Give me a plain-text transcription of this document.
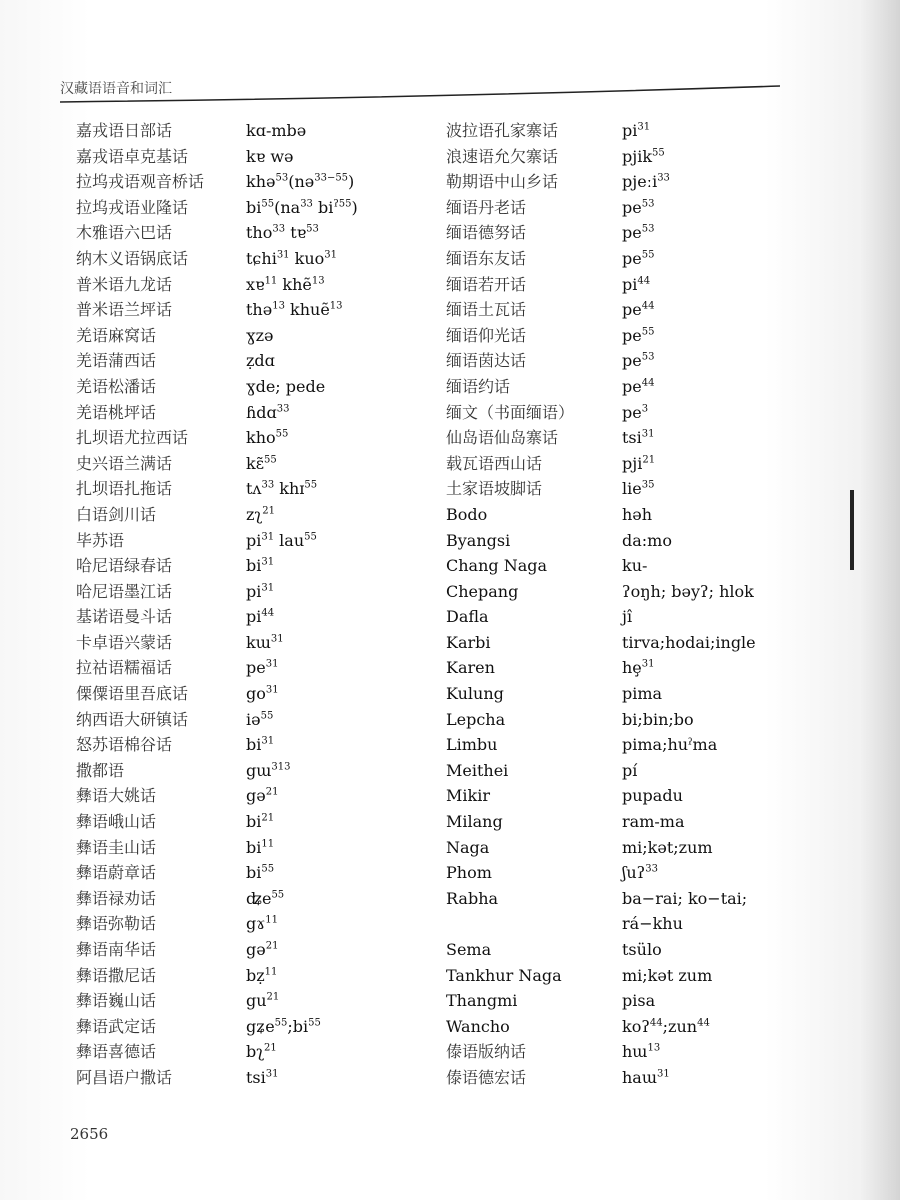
汉藏语语音和词汇
嘉戎语日部话
嘉戎语卓克基话
拉坞戎语观音桥话
拉坞戎语业隆话
木雅语六巴话
纳木义语锅底话
普米语九龙话
普米语兰坪话
羌语麻窝话
羌语蒲西话
羌语松潘话
羌语桃坪话
扎坝语尤拉西话
史兴语兰满话
扎坝语扎拖话
白语剑川话
毕苏语
哈尼语绿春话
哈尼语墨江话
基诺语曼斗话
卡卓语兴蒙话
拉祜语糯福话
傈僳语里吾底话
纳西语大研镇话
怒苏语棉谷话
撒都语
彝语大姚话
彝语峨山话
彝语圭山话
彝语蔚章话
彝语禄劝话
彝语弥勒话
彝语南华话
彝语撒尼话
彝语巍山话
彝语武定话
彝语喜德话
阿昌语户撒话
kɑ-mbə
kɐ wə
khə$^{53}$(nə$^{33-55}$)
$bi^{55}(na^{33}$ $bi^{ʔ55}$)
tho$^{33}$ tɐ$^{53}$
tɕhi$^{31}$ kuo$^{31}$
xɐ$^{11}$ khẽ$^{13}$
thə$^{13}$ khuẽ$^{13}$
ɣzə
ẓdɑ
ɣde; pede
ɦdɑ$^{33}$
kho$^{55}$
kɛ̃$^{55}$
tʌ$^{33}$ khɪ$^{55}$
zʅ$^{21}$
$pi^{31}$ lau$^{55}$
$bi^{31}$
$pi^{31}$
$pi^{44}$
kɯ$^{31}$
$pe^{31}$
$go^{31}$
iə$^{55}$
$bi^{31}$
gɯ$^{313}$
gə$^{21}$
$bi^{21}$
$bi^{11}$
$bi^{55}$
ʥe$^{55}$
gɤ$^{11}$
gə$^{21}$
bẓ$^{11}$
$gu^{21}$
$gʑe^{55};bi^{55}$
bʅ$^{21}$
tsi$^{31}$
波拉语孔家寨话
浪速语允欠寨话
勒期语中山乡话
缅语丹老话
缅语德努话
缅语东友话
缅语若开话
缅语土瓦话
缅语仰光话
缅语茵达话
缅语约话
缅文（书面缅语）
仙岛语仙岛寨话
载瓦语西山话
土家语坡脚话
Bodo
Byangsi
Chang Naga
Chepang
Dafla
Karbi
Karen
Kulung
Lepcha
Limbu
Meithei
Mikir
Milang
Naga
Phom
Rabha
Sema
Tankhur Naga
Thangmi
Wancho
傣语版纳话
傣语德宏话
$pi^{31}$
pjik$^{55}$
pjeːi$^{33}$
$pe^{53}$
$pe^{53}$
$pe^{55}$
$pi^{44}$
$pe^{44}$
$pe^{55}$
$pe^{53}$
$pe^{44}$
$pe^3$
tsi$^{31}$
pji$^{21}$
lie$^{35}$
həh
da:mo
ku-
ʔoŋh; bəyʔ; hlok
jî
tirva;hodai;ingle
$hȩ^{31}$
pima
bi;bin;bo
pima;huˀma
pí
pupadu
ram-ma
mi;kət;zum
ʃuʔ$^{33}$
ba−rai; ko−tai;
rá−khu
tsülo
mi;kət zum
pisa
koʔ$^{44}$;zun$^{44}$
hɯ$^{13}$
haɯ$^{31}$
2656
